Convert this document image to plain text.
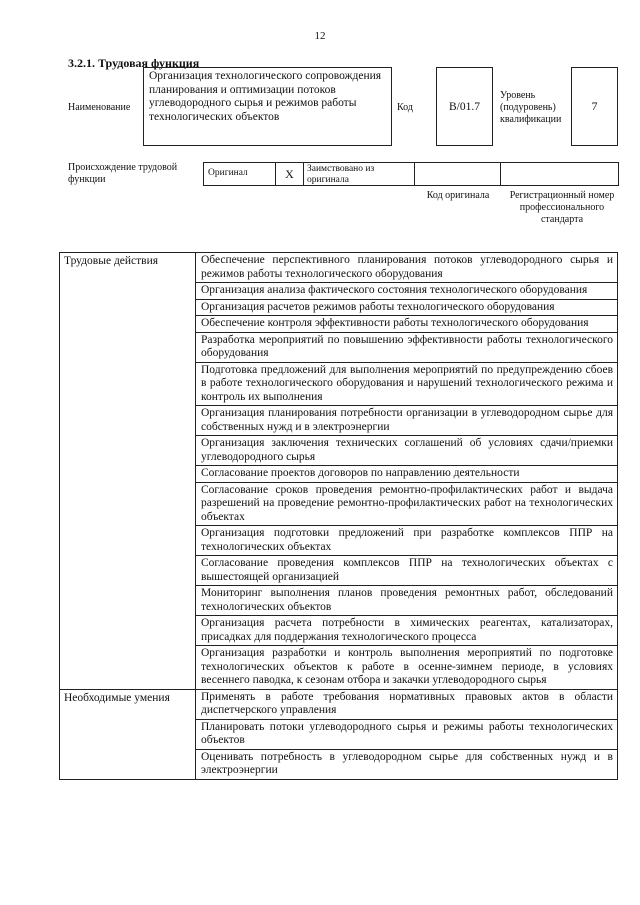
12
3.2.1. Трудовая функция
Наименование
Организация технологического сопровождения планирования и оптимизации потоков углеводородного сырья и режимов работы технологических объектов
Код	В/01.7
Уровень (подуровень) квалификации
7
Происхождение трудовой функции
Оригинал	X	Заимствовано из оригинала
Код оригинала	Регистрационный номер профессионального стандарта
Трудовые действия	Обеспечение перспективного планирования потоков углеводородного сырья и режимов работы технологического оборудования
	Организация анализа фактического состояния технологического оборудования
	Организация расчетов режимов работы технологического оборудования
	Обеспечение контроля эффективности работы технологического оборудования
	Разработка мероприятий по повышению эффективности работы технологического оборудования
	Подготовка предложений для выполнения мероприятий по предупреждению сбоев в работе технологического оборудования и нарушений технологического режима и контроль их выполнения
	Организация планирования потребности организации в углеводородном сырье для собственных нужд и в электроэнергии
	Организация заключения технических соглашений об условиях сдачи/приемки углеводородного сырья
	Согласование проектов договоров по направлению деятельности
	Согласование сроков проведения ремонтно-профилактических работ и выдача разрешений на проведение ремонтно-профилактических работ на технологических объектах
	Организация подготовки предложений при разработке комплексов ППР на технологических объектах
	Согласование проведения комплексов ППР на технологических объектах с вышестоящей организацией
	Мониторинг выполнения планов проведения ремонтных работ, обследований технологических объектов
	Организация расчета потребности в химических реагентах, катализаторах, присадках для поддержания технологического процесса
	Организация разработки и контроль выполнения мероприятий по подготовке технологических объектов к работе в осенне-зимнем периоде, в условиях весеннего паводка, к сезонам отбора и закачки углеводородного сырья
Необходимые умения	Применять в работе требования нормативных правовых актов в области диспетчерского управления
	Планировать потоки углеводородного сырья и режимы работы технологических объектов
	Оценивать потребность в углеводородном сырье для собственных нужд и в электроэнергии
